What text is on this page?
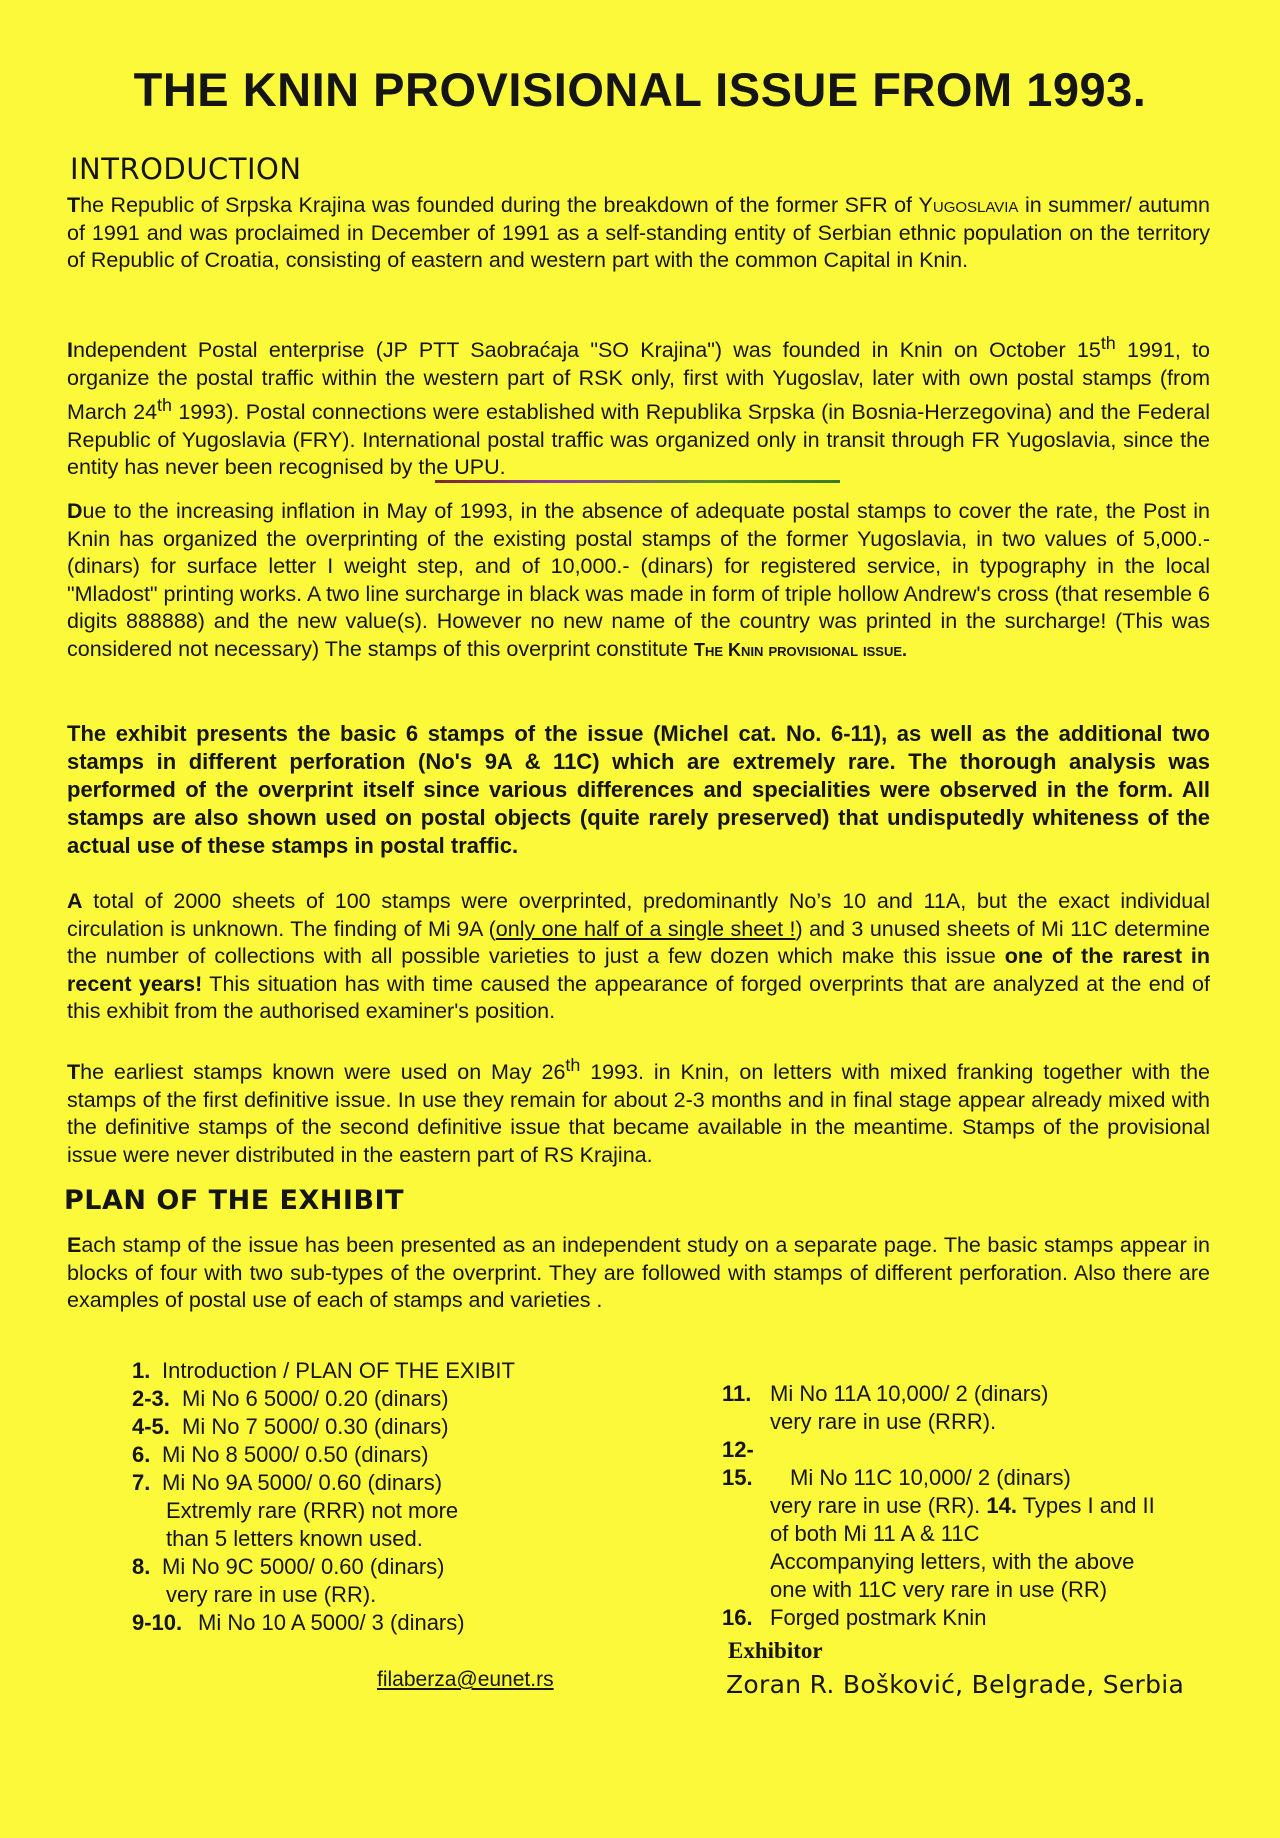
THE KNIN PROVISIONAL ISSUE FROM 1993.
INTRODUCTION

The Republic of Srpska Krajina was founded during the breakdown of the former SFR of Yugoslavia in summer/ autumn of 1991 and was proclaimed in December of 1991 as a self-standing entity of Serbian ethnic population on the territory of Republic of Croatia, consisting of eastern and western part with the common Capital in Knin.

Independent Postal enterprise (JP PTT Saobraćaja "SO Krajina") was founded in Knin on October 15th 1991, to organize the postal traffic within the western part of RSK only, first with Yugoslav, later with own postal stamps (from March 24th 1993). Postal connections were established with Republika Srpska (in Bosnia-Herzegovina) and the Federal Republic of Yugoslavia (FRY). International postal traffic was organized only in transit through FR Yugoslavia, since the entity has never been recognised by the UPU.

Due to the increasing inflation in May of 1993, in the absence of adequate postal stamps to cover the rate, the Post in Knin has organized the overprinting of the existing postal stamps of the former Yugoslavia, in two values of 5,000.- (dinars) for surface letter I weight step, and of 10,000.- (dinars) for registered service, in typography in the local "Mladost" printing works. A two line surcharge in black was made in form of triple hollow Andrew's cross (that resemble 6 digits 888888) and the new value(s). However no new name of the country was printed in the surcharge! (This was considered not necessary) The stamps of this overprint constitute The Knin provisional issue.

The exhibit presents the basic 6 stamps of the issue (Michel cat. No. 6-11), as well as the additional two stamps in different perforation (No's 9A & 11C) which are extremely rare. The thorough analysis was performed of the overprint itself since various differences and specialities were observed in the form. All stamps are also shown used on postal objects (quite rarely preserved) that undisputedly whiteness of the actual use of these stamps in postal traffic.

A total of 2000 sheets of 100 stamps were overprinted, predominantly No’s 10 and 11A, but the exact individual circulation is unknown. The finding of Mi 9A (only one half of a single sheet !) and 3 unused sheets of Mi 11C determine the number of collections with all possible varieties to just a few dozen which make this issue one of the rarest in recent years! This situation has with time caused the appearance of forged overprints that are analyzed at the end of this exhibit from the authorised examiner's position.

The earliest stamps known were used on May 26th 1993. in Knin, on letters with mixed franking together with the stamps of the first definitive issue. In use they remain for about 2-3 months and in final stage appear already mixed with the definitive stamps of the second definitive issue that became available in the meantime. Stamps of the provisional issue were never distributed in the eastern part of RS Krajina.

PLAN OF THE EXHIBIT

Each stamp of the issue has been presented as an independent study on a separate page. The basic stamps appear in blocks of four with two sub-types of the overprint. They are followed with stamps of different perforation. Also there are examples of postal use of each of stamps and varieties .

1. Introduction / PLAN OF THE EXIBIT
2-3. Mi No 6 5000/ 0.20 (dinars)
4-5. Mi No 7 5000/ 0.30 (dinars)
6. Mi No 8 5000/ 0.50 (dinars)
7. Mi No 9A 5000/ 0.60 (dinars)
Extremly rare (RRR) not more
than 5 letters known used.
8. Mi No 9C 5000/ 0.60 (dinars)
very rare in use (RR).
9-10. Mi No 10 A 5000/ 3 (dinars)
11. Mi No 11A 10,000/ 2 (dinars)
very rare in use (RRR).
12-15. Mi No 11C 10,000/ 2 (dinars)
very rare in use (RR). 14. Types I and II
of both Mi 11 A & 11C
Accompanying letters, with the above
one with 11C very rare in use (RR)
16. Forged postmark Knin

filaberza@eunet.rs

Exhibitor

Zoran R. Bošković, Belgrade, Serbia
